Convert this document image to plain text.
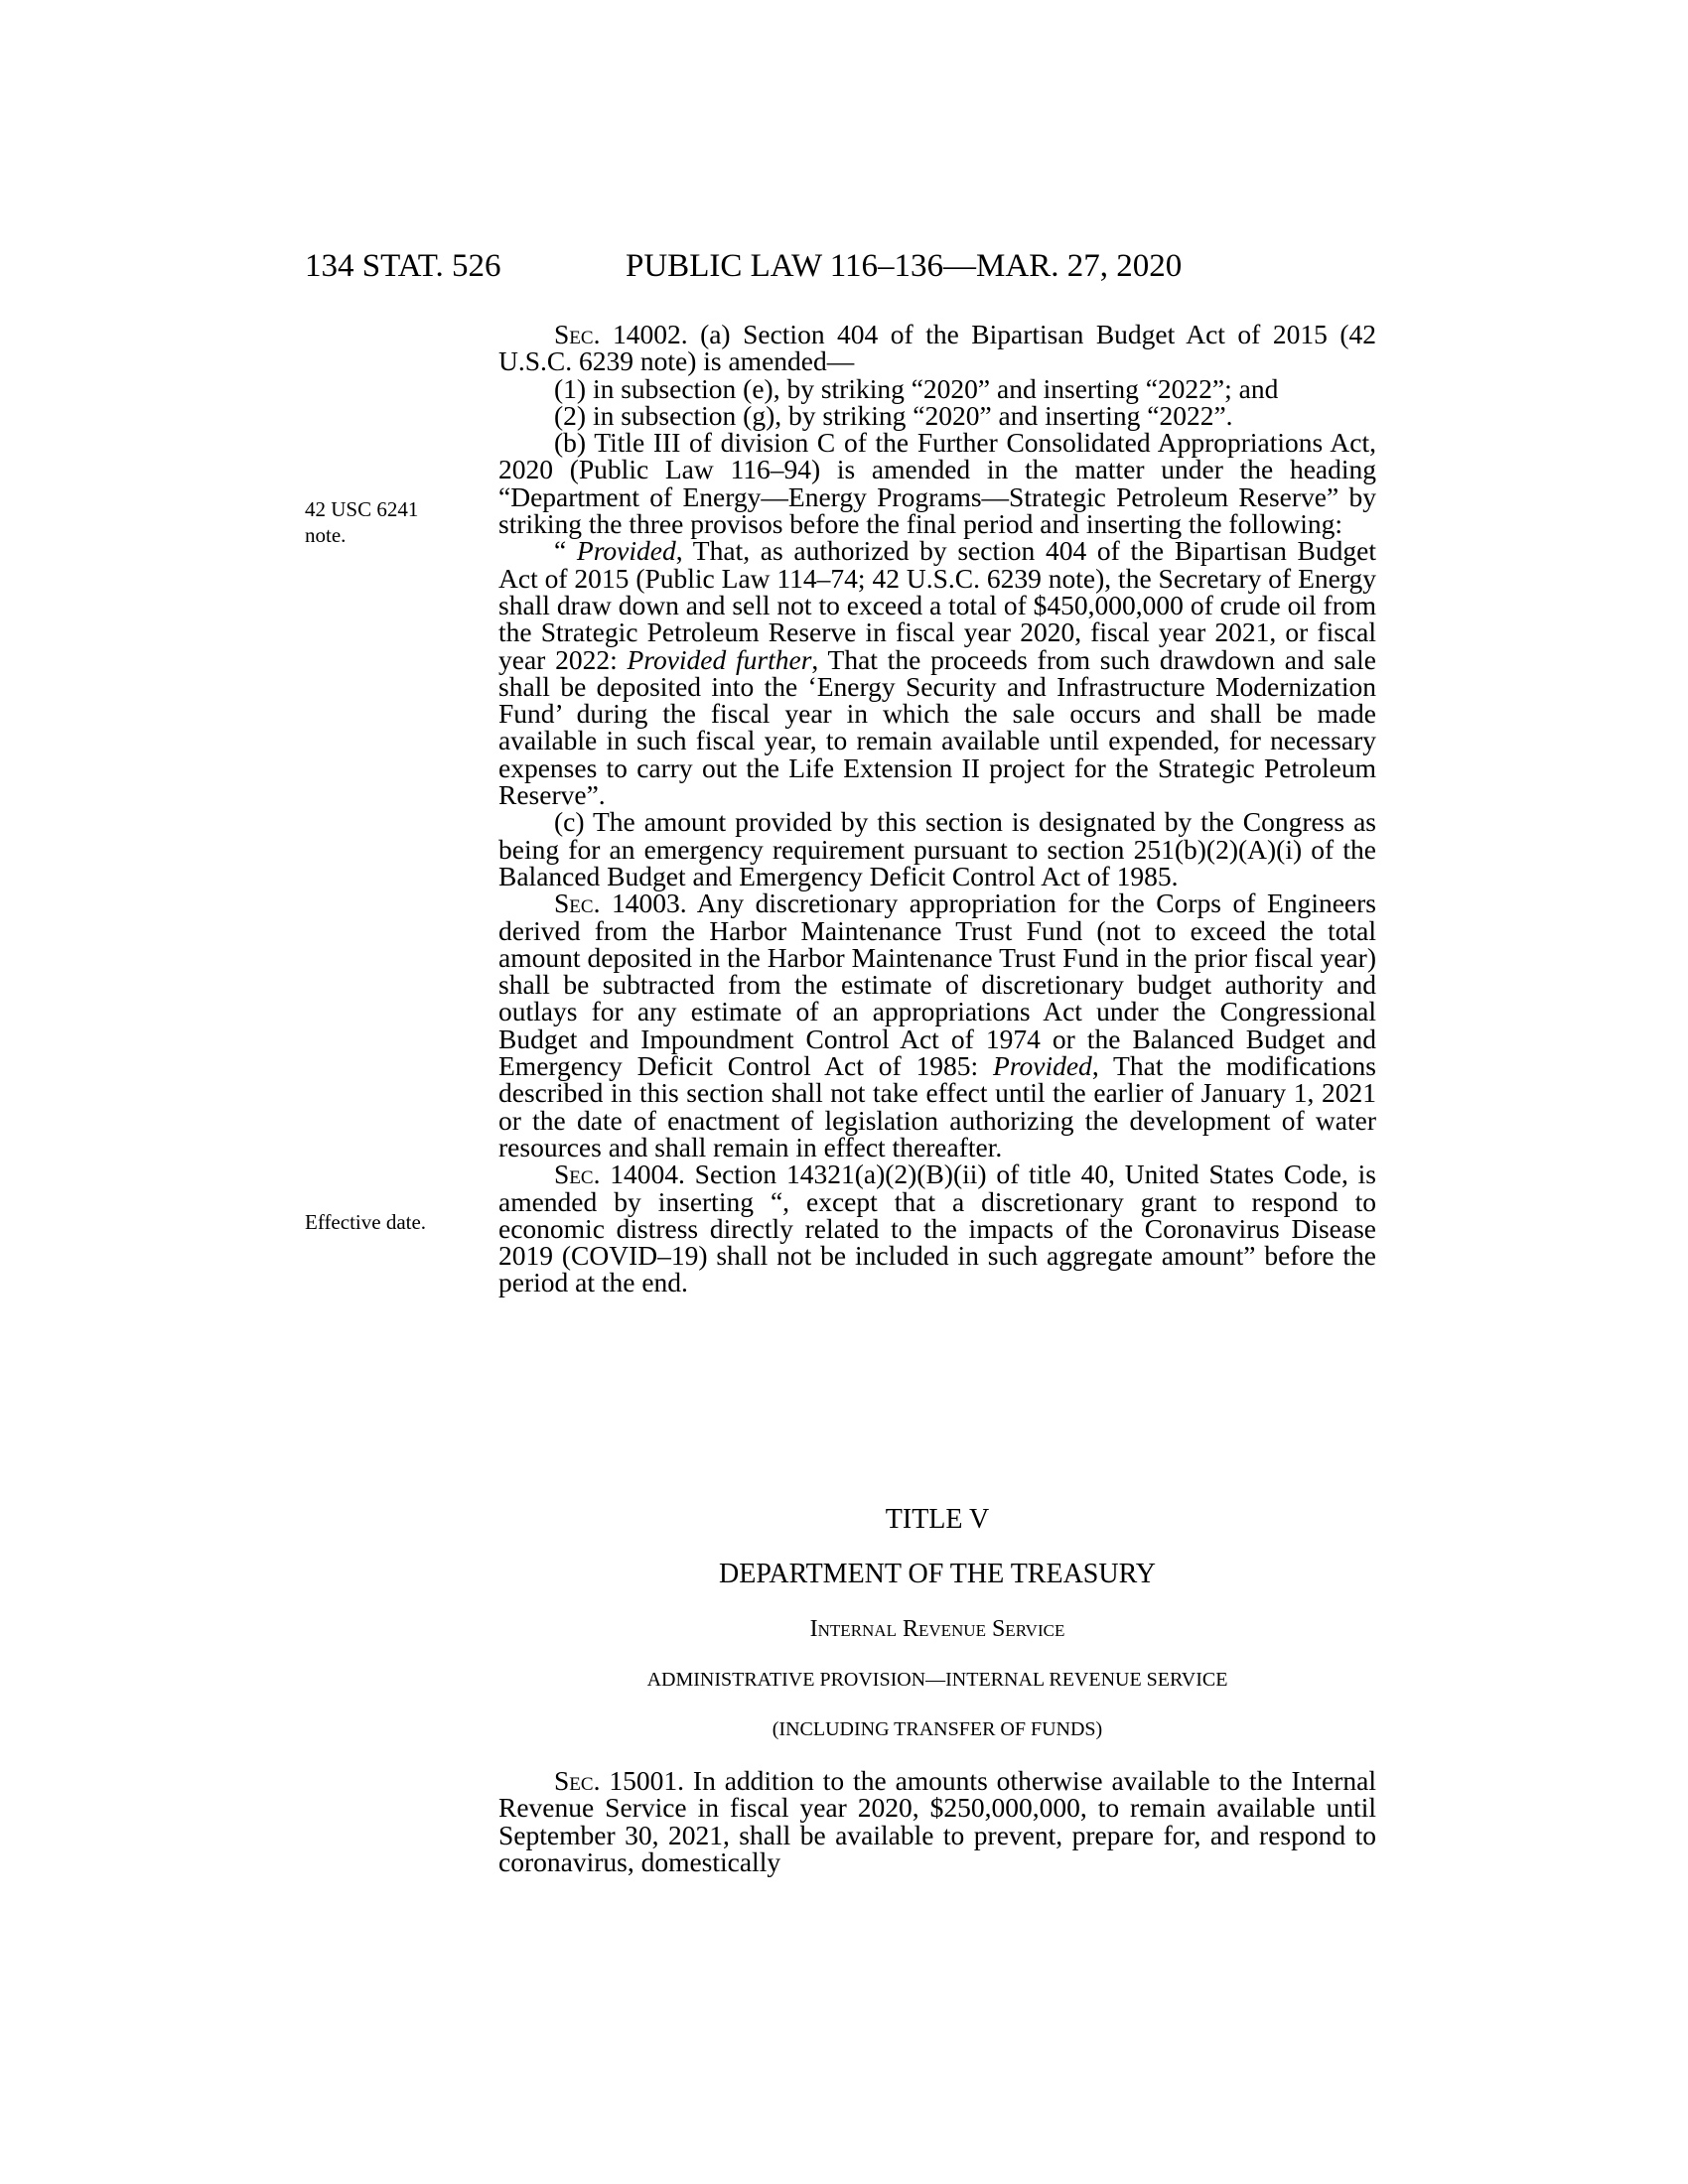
134 STAT. 526	PUBLIC LAW 116–136—MAR. 27, 2020
42 USC 6241
note.
Effective date.

Sec. 14002. (a) Section 404 of the Bipartisan Budget Act of 2015 (42 U.S.C. 6239 note) is amended—

(1) in subsection (e), by striking “2020” and inserting “2022”; and

(2) in subsection (g), by striking “2020” and inserting “2022”.

(b) Title III of division C of the Further Consolidated Appropriations Act, 2020 (Public Law 116–94) is amended in the matter under the heading “Department of Energy—Energy Programs—Strategic Petroleum Reserve” by striking the three provisos before the final period and inserting the following:

“ Provided, That, as authorized by section 404 of the Bipartisan Budget Act of 2015 (Public Law 114–74; 42 U.S.C. 6239 note), the Secretary of Energy shall draw down and sell not to exceed a total of $450,000,000 of crude oil from the Strategic Petroleum Reserve in fiscal year 2020, fiscal year 2021, or fiscal year 2022: Provided further, That the proceeds from such drawdown and sale shall be deposited into the ‘Energy Security and Infrastructure Modernization Fund’ during the fiscal year in which the sale occurs and shall be made available in such fiscal year, to remain available until expended, for necessary expenses to carry out the Life Extension II project for the Strategic Petroleum Reserve”.

(c) The amount provided by this section is designated by the Congress as being for an emergency requirement pursuant to section 251(b)(2)(A)(i) of the Balanced Budget and Emergency Deficit Control Act of 1985.

Sec. 14003. Any discretionary appropriation for the Corps of Engineers derived from the Harbor Maintenance Trust Fund (not to exceed the total amount deposited in the Harbor Maintenance Trust Fund in the prior fiscal year) shall be subtracted from the estimate of discretionary budget authority and outlays for any estimate of an appropriations Act under the Congressional Budget and Impoundment Control Act of 1974 or the Balanced Budget and Emergency Deficit Control Act of 1985: Provided, That the modifications described in this section shall not take effect until the earlier of January 1, 2021 or the date of enactment of legislation authorizing the development of water resources and shall remain in effect thereafter.

Sec. 14004. Section 14321(a)(2)(B)(ii) of title 40, United States Code, is amended by inserting “, except that a discretionary grant to respond to economic distress directly related to the impacts of the Coronavirus Disease 2019 (COVID–19) shall not be included in such aggregate amount” before the period at the end.

TITLE V
DEPARTMENT OF THE TREASURY
Internal Revenue Service
ADMINISTRATIVE PROVISION—INTERNAL REVENUE SERVICE
(INCLUDING TRANSFER OF FUNDS)

Sec. 15001. In addition to the amounts otherwise available to the Internal Revenue Service in fiscal year 2020, $250,000,000, to remain available until September 30, 2021, shall be available to prevent, prepare for, and respond to coronavirus, domestically
